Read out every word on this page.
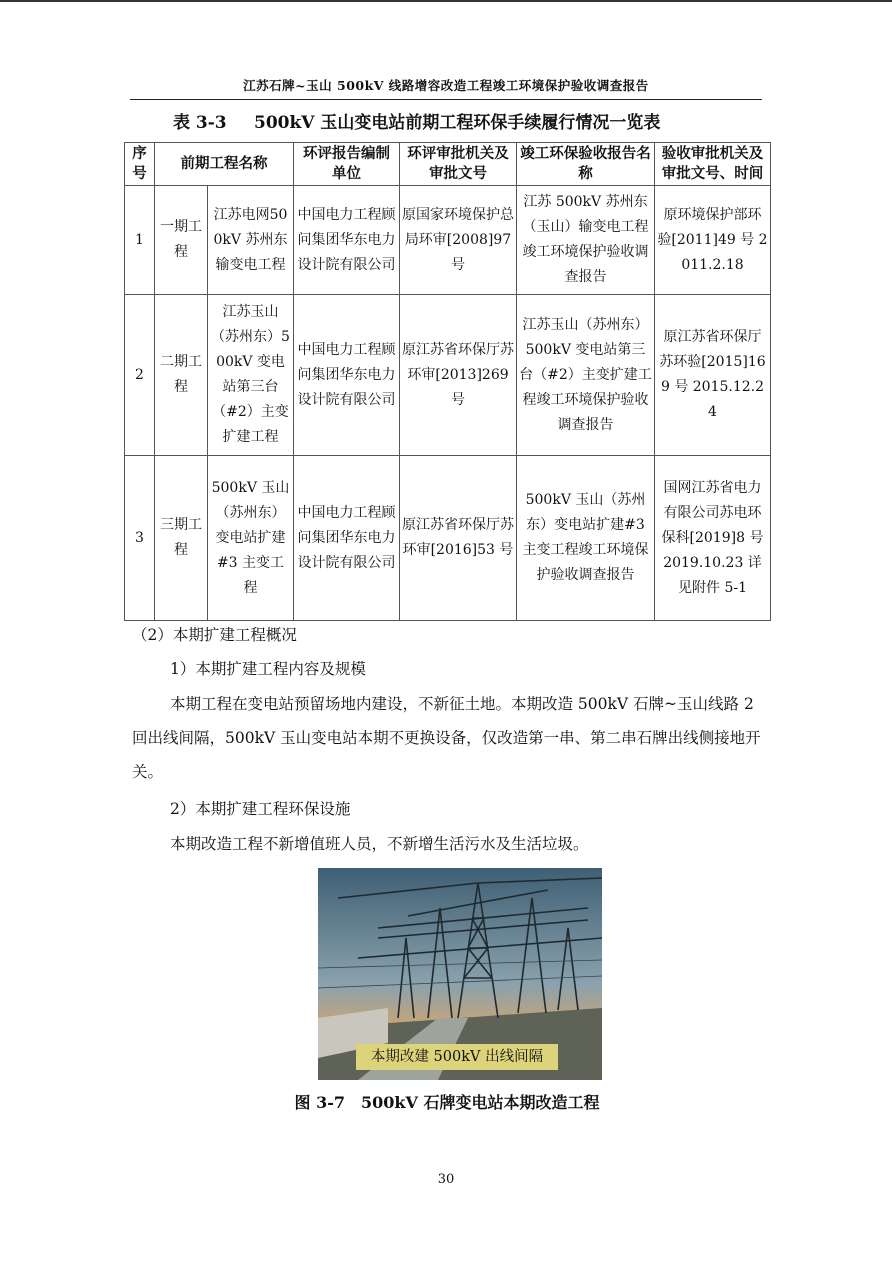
江苏石牌~玉山 500kV 线路增容改造工程竣工环境保护验收调查报告
表 3-3 500kV 玉山变电站前期工程环保手续履行情况一览表
序号	前期工程名称		环评报告编制单位	环评审批机关及审批文号	竣工环保验收报告名称	验收审批机关及审批文号、时间
1	一期工程	江苏电网500kV 苏州东输变电工程	中国电力工程顾问集团华东电力设计院有限公司	原国家环境保护总局环审[2008]97 号	江苏 500kV 苏州东（玉山）输变电工程竣工环境保护验收调查报告	原环境保护部环验[2011]49 号 2011.2.18
2	二期工程	江苏玉山（苏州东）500kV 变电站第三台（#2）主变扩建工程	中国电力工程顾问集团华东电力设计院有限公司	原江苏省环保厅苏环审[2013]269 号	江苏玉山（苏州东）500kV 变电站第三台（#2）主变扩建工程竣工环境保护验收调查报告	原江苏省环保厅苏环验[2015]169 号 2015.12.24
3	三期工程	500kV 玉山（苏州东）变电站扩建#3 主变工程	中国电力工程顾问集团华东电力设计院有限公司	原江苏省环保厅苏环审[2016]53 号	500kV 玉山（苏州东）变电站扩建#3 主变工程竣工环境保护验收调查报告	国网江苏省电力有限公司苏电环保科[2019]8 号 2019.10.23 详见附件 5-1
（2）本期扩建工程概况
1）本期扩建工程内容及规模
本期工程在变电站预留场地内建设，不新征土地。本期改造 500kV 石牌~玉山线路 2 回出线间隔，500kV 玉山变电站本期不更换设备，仅改造第一串、第二串石牌出线侧接地开关。
2）本期扩建工程环保设施
本期改造工程不新增值班人员，不新增生活污水及生活垃圾。
本期改建 500kV 出线间隔
图 3-7　500kV 石牌变电站本期改造工程
30
